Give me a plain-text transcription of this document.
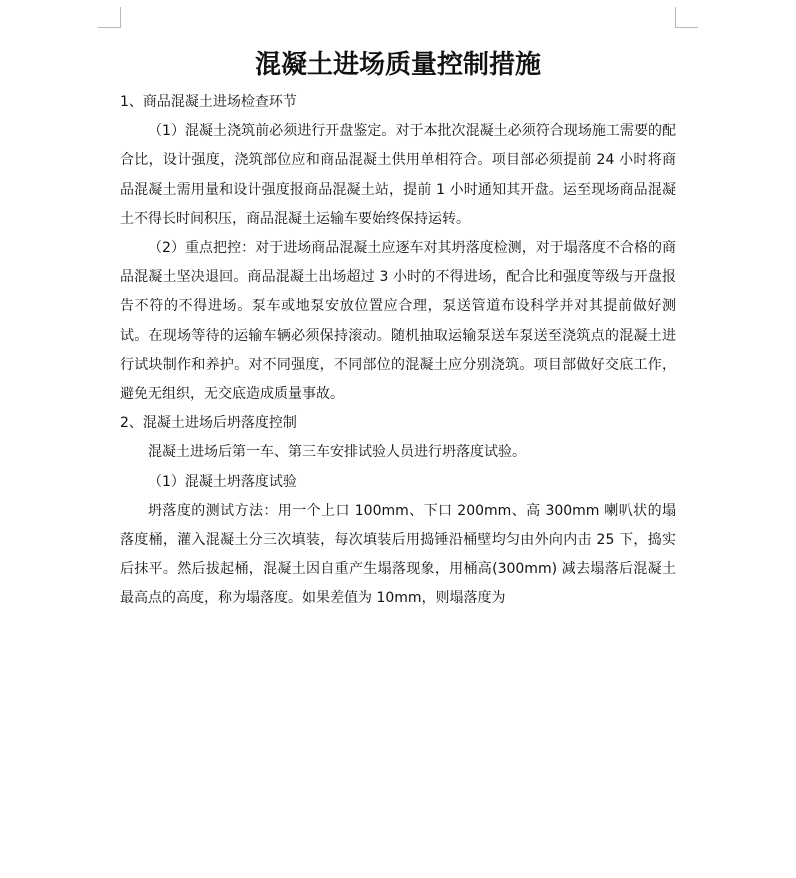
混凝土进场质量控制措施

1、商品混凝土进场检查环节

（1）混凝土浇筑前必须进行开盘鉴定。对于本批次混凝土必须符合现场施工需要的配合比，设计强度，浇筑部位应和商品混凝土供用单相符合。项目部必须提前 24 小时将商品混凝土需用量和设计强度报商品混凝土站，提前 1 小时通知其开盘。运至现场商品混凝土不得长时间积压，商品混凝土运输车要始终保持运转。

（2）重点把控：对于进场商品混凝土应逐车对其坍落度检测，对于塌落度不合格的商品混凝土坚决退回。商品混凝土出场超过 3 小时的不得进场，配合比和强度等级与开盘报告不符的不得进场。泵车或地泵安放位置应合理，泵送管道布设科学并对其提前做好测试。在现场等待的运输车辆必须保持滚动。随机抽取运输泵送车泵送至浇筑点的混凝土进行试块制作和养护。对不同强度，不同部位的混凝土应分别浇筑。项目部做好交底工作，避免无组织，无交底造成质量事故。

2、混凝土进场后坍落度控制

混凝土进场后第一车、第三车安排试验人员进行坍落度试验。

（1）混凝土坍落度试验

坍落度的测试方法：用一个上口 100mm、下口 200mm、高 300mm 喇叭状的塌落度桶，灌入混凝土分三次填装，每次填装后用捣锤沿桶壁均匀由外向内击 25 下，捣实后抹平。然后拔起桶，混凝土因自重产生塌落现象，用桶高(300mm) 减去塌落后混凝土最高点的高度，称为塌落度。如果差值为 10mm，则塌落度为
